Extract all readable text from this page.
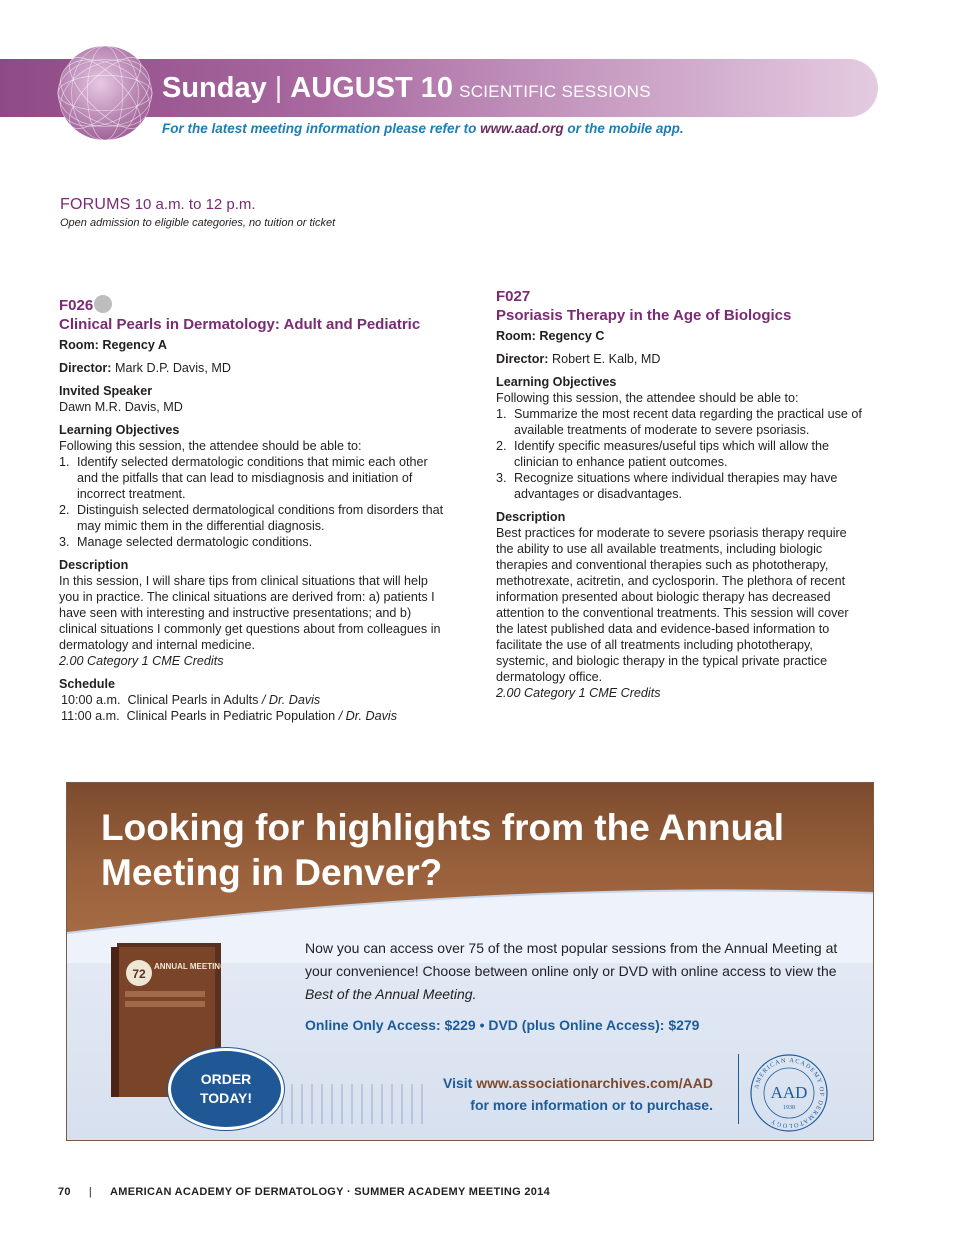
Sunday | AUGUST 10 SCIENTIFIC SESSIONS
For the latest meeting information please refer to www.aad.org or the mobile app.
FORUMS 10 a.m. to 12 p.m.
Open admission to eligible categories, no tuition or ticket
F026
Clinical Pearls in Dermatology: Adult and Pediatric

Room: Regency A

Director: Mark D.P. Davis, MD

Invited Speaker

Dawn M.R. Davis, MD

Learning Objectives

Following this session, the attendee should be able to:

1. Identify selected dermatologic conditions that mimic each other and the pitfalls that can lead to misdiagnosis and initiation of incorrect treatment.
2. Distinguish selected dermatological conditions from disorders that may mimic them in the differential diagnosis.
3. Manage selected dermatologic conditions.

Description

In this session, I will share tips from clinical situations that will help you in practice. The clinical situations are derived from: a) patients I have seen with interesting and instructive presentations; and b) clinical situations I commonly get questions about from colleagues in dermatology and internal medicine.

2.00 Category 1 CME Credits

Schedule

10:00 a.m. Clinical Pearls in Adults / Dr. Davis
11:00 a.m. Clinical Pearls in Pediatric Population / Dr. Davis
F027
Psoriasis Therapy in the Age of Biologics

Room: Regency C

Director: Robert E. Kalb, MD

Learning Objectives

Following this session, the attendee should be able to:

1. Summarize the most recent data regarding the practical use of available treatments of moderate to severe psoriasis.
2. Identify specific measures/useful tips which will allow the clinician to enhance patient outcomes.
3. Recognize situations where individual therapies may have advantages or disadvantages.

Description

Best practices for moderate to severe psoriasis therapy require the ability to use all available treatments, including biologic therapies and conventional therapies such as phototherapy, methotrexate, acitretin, and cyclosporin. The plethora of recent information presented about biologic therapy has decreased attention to the conventional treatments. This session will cover the latest published data and evidence-based information to facilitate the use of all treatments including phototherapy, systemic, and biologic therapy in the typical private practice dermatology office.

2.00 Category 1 CME Credits

Looking for highlights from the Annual
Meeting in Denver?
72
ANNUAL MEETING
Now you can access over 75 of the most popular sessions from the Annual Meeting at your convenience! Choose between online only or DVD with online access to view the Best of the Annual Meeting.
Online Only Access: $229 • DVD (plus Online Access): $279
ORDER
TODAY!
Visit www.associationarchives.com/AAD
for more information or to purchase.
AMERICAN ACADEMY OF DERMATOLOGY
AAD
1938
70 | AMERICAN ACADEMY OF DERMATOLOGY · SUMMER ACADEMY MEETING 2014
